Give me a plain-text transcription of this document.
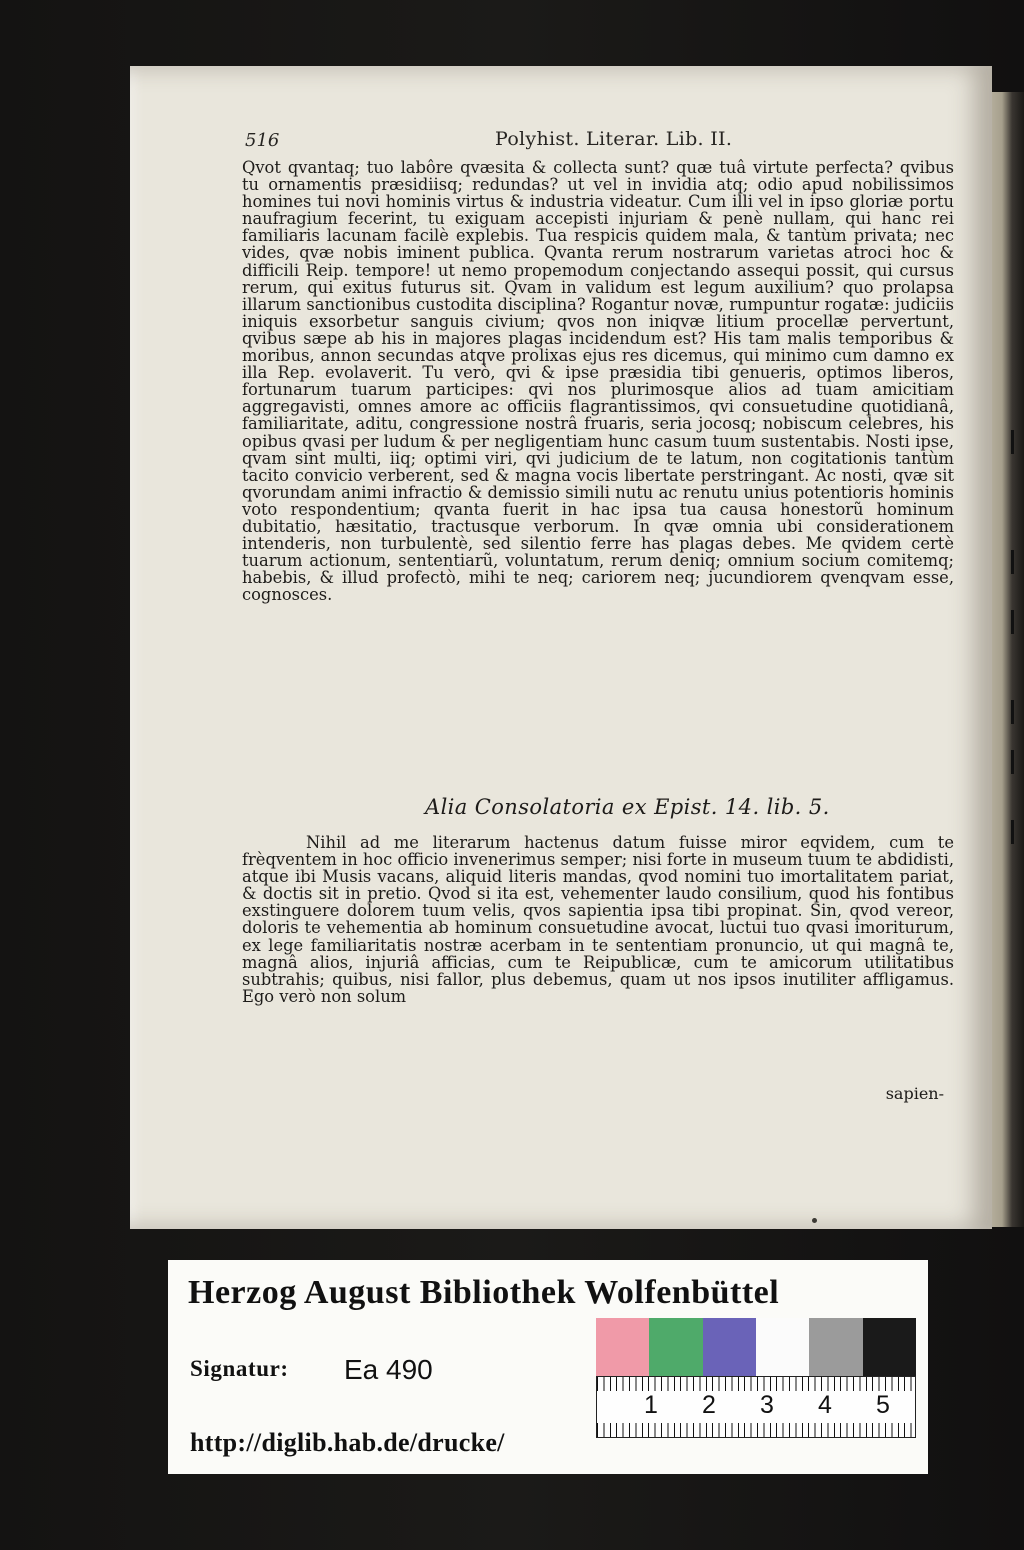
516	Polyhist. Literar. Lib. II.

Qvot qvantaq; tuo labôre qvæsita & collecta sunt? quæ tuâ virtute perfecta? qvibus tu ornamentis præsidiisq; redundas? ut vel in invidia atq; odio apud nobilissimos homines tui novi hominis virtus & industria videatur. Cum illi vel in ipso gloriæ portu naufragium fecerint, tu exiguam accepisti injuriam & penè nullam, qui hanc rei familiaris lacunam facilè explebis. Tua respicis quidem mala, & tantùm privata; nec vides, qvæ nobis iminent publica. Qvanta rerum nostrarum varietas atroci hoc & difficili Reip. tempore! ut nemo propemodum conjectando assequi possit, qui cursus rerum, qui exitus futurus sit. Qvam in validum est legum auxilium? quo prolapsa illarum sanctionibus custodita disciplina? Rogantur novæ, rumpuntur rogatæ: judiciis iniquis exsorbetur sanguis civium; qvos non iniqvæ litium procellæ pervertunt, qvibus sæpe ab his in majores plagas incidendum est? His tam malis temporibus & moribus, annon secundas atqve prolixas ejus res dicemus, qui minimo cum damno ex illa Rep. evolaverit. Tu verò, qvi & ipse præsidia tibi genueris, optimos liberos, fortunarum tuarum participes: qvi nos plurimosque alios ad tuam amicitiam aggregavisti, omnes amore ac officiis flagrantissimos, qvi consuetudine quotidianâ, familiaritate, aditu, congressione nostrâ fruaris, seria jocosq; nobiscum celebres, his opibus qvasi per ludum & per negligentiam hunc casum tuum sustentabis. Nosti ipse, qvam sint multi, iiq; optimi viri, qvi judicium de te latum, non cogitationis tantùm tacito convicio verberent, sed & magna vocis libertate perstringant. Ac nosti, qvæ sit qvorundam animi infractio & demissio simili nutu ac renutu unius potentioris hominis voto respondentium; qvanta fuerit in hac ipsa tua causa honestorũ hominum dubitatio, hæsitatio, tractusque verborum. In qvæ omnia ubi considerationem intenderis, non turbulentè, sed silentio ferre has plagas debes. Me qvidem certè tuarum actionum, sententiarũ, voluntatum, rerum deniq; omnium socium comitemq; habebis, & illud profectò, mihi te neq; cariorem neq; jucundiorem qvenqvam esse, cognosces.

Alia Consolatoria ex Epist. 14. lib. 5.

Nihil ad me literarum hactenus datum fuisse miror eqvidem, cum te frèqventem in hoc officio invenerimus semper; nisi forte in museum tuum te abdidisti, atque ibi Musis vacans, aliquid literis mandas, qvod nomini tuo imortalitatem pariat, & doctis sit in pretio. Qvod si ita est, vehementer laudo consilium, quod his fontibus exstinguere dolorem tuum velis, qvos sapientia ipsa tibi propinat. Sin, qvod vereor, doloris te vehementia ab hominum consuetudine avocat, luctui tuo qvasi imoriturum, ex lege familiaritatis nostræ acerbam in te sententiam pronuncio, ut qui magnâ te, magnâ alios, injuriâ afficias, cum te Reipublicæ, cum te amicorum utilitatibus subtrahis; quibus, nisi fallor, plus debemus, quam ut nos ipsos inutiliter affligamus. Ego verò non solum

sapien-
Herzog August Bibliothek Wolfenbüttel
Signatur: Ea 490
http://diglib.hab.de/drucke/
1 2 3 4 5
